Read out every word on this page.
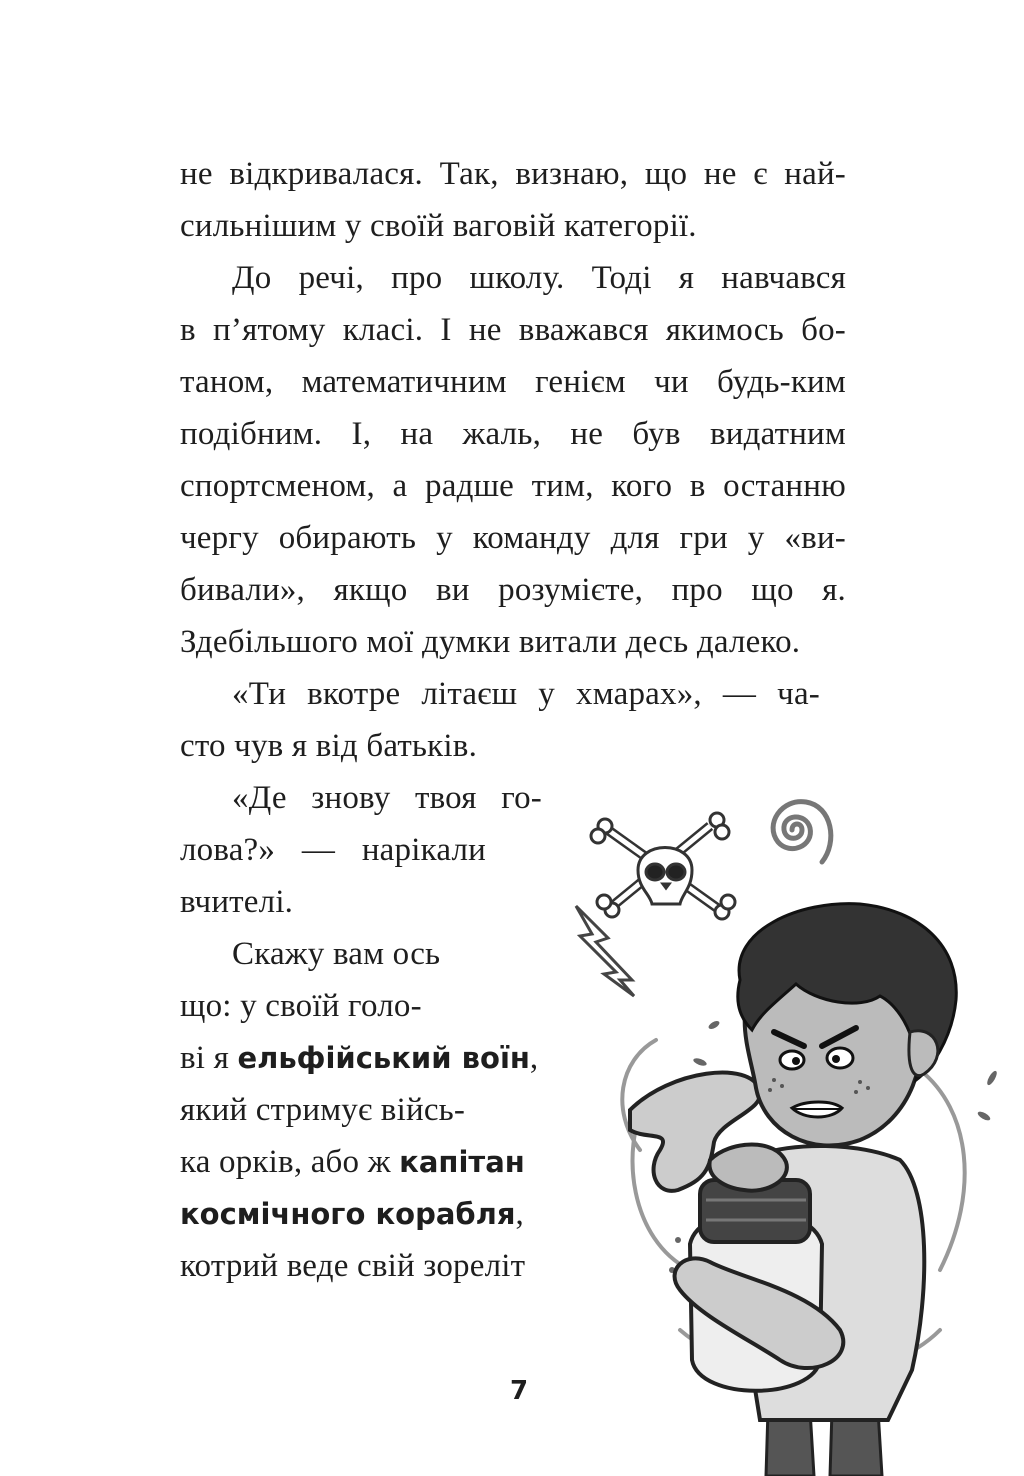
не відкривалася. Так, визнаю, що не є най-

сильнішим у своїй ваговій категорії.

До речі, про школу. Тоді я навчався

в п’ятому класі. І не вважався якимось бо-

таном, математичним генієм чи будь-ким

подібним. І, на жаль, не був видатним

спортсменом, а радше тим, кого в останню

чергу обирають у команду для гри у «ви-

бивали», якщо ви розумієте, про що я.

Здебільшого мої думки витали десь далеко.

«Ти вкотре літаєш у хмарах», — ча-

сто чув я від батьків.

«Де знову твоя го-

лова?» — нарікали

вчителі.

Скажу вам ось

що: у своїй голо-

ві я ельфійський воїн,

який стримує війсь-

ка орків, або ж капітан

космічного корабля,

котрий веде свій зореліт

7
